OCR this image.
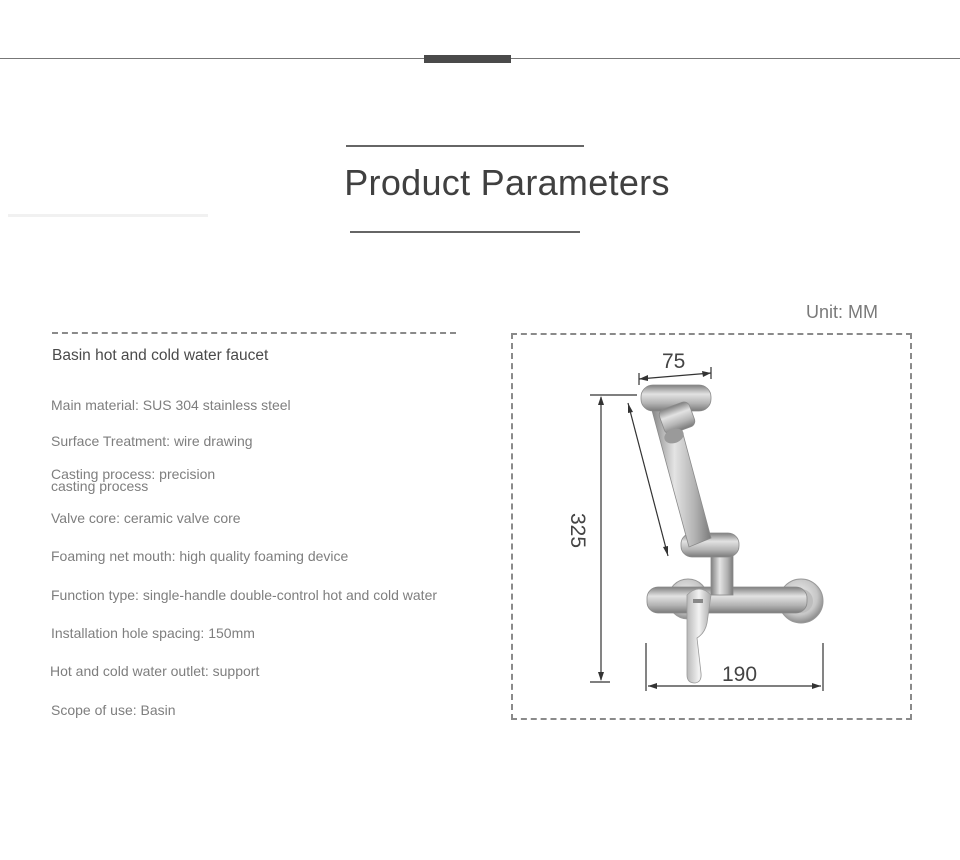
Product Parameters
Unit: MM
Basin hot and cold water faucet
Main material: SUS 304 stainless steel
Surface Treatment: wire drawing
Casting process: precision casting process
Valve core: ceramic valve core
Foaming net mouth: high quality foaming device
Function type: single-handle double-control hot and cold water
Installation hole spacing: 150mm
Hot and cold water outlet: support
Scope of use: Basin
75
325
190
